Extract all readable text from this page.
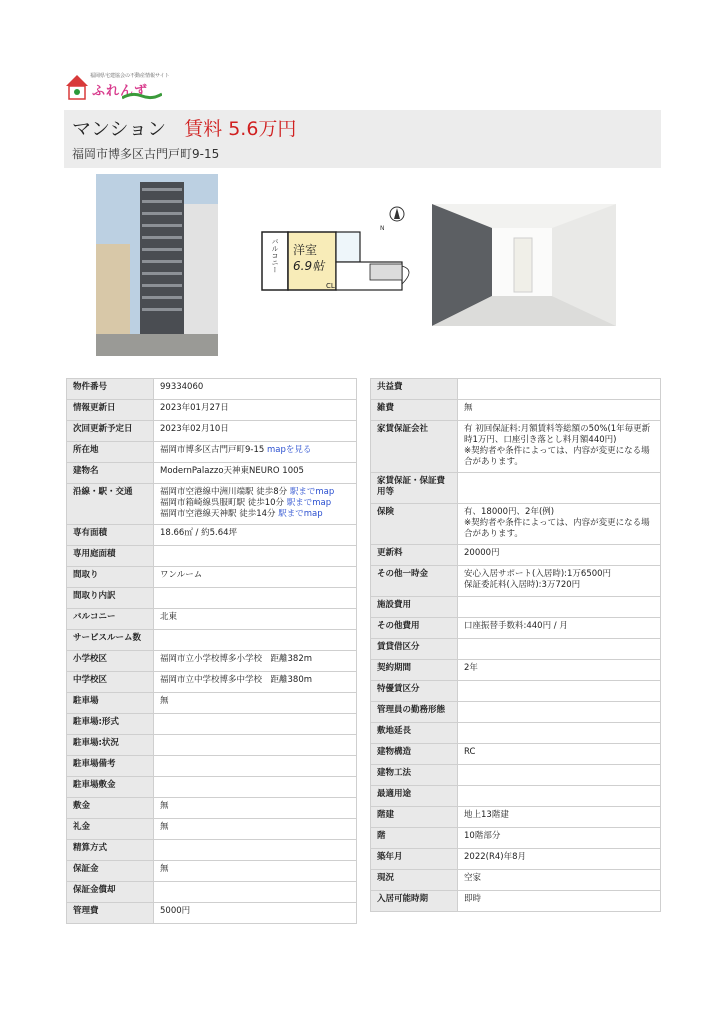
福岡県宅建協会の不動産情報サイト
ふれんず
マンション 賃料 5.6万円
福岡市博多区古門戸町9-15
N
洋室
6.9帖
CL
バルコニー
物件番号	99334060
情報更新日	2023年01月27日
次回更新予定日	2023年02月10日
所在地	福岡市博多区古門戸町9-15 mapを見る
建物名	ModernPalazzo天神東NEURO 1005
沿線・駅・交通	福岡市空港線中洲川端駅 徒歩8分 駅までmap
福岡市箱崎線呉服町駅 徒歩10分 駅までmap
福岡市空港線天神駅 徒歩14分 駅までmap

専有面積	18.66㎡ / 約5.64坪
専用庭面積	
間取り	ワンルーム
間取り内訳	
バルコニー	北東
サービスルーム数	
小学校区	福岡市立小学校博多小学校　距離382m
中学校区	福岡市立中学校博多中学校　距離380m
駐車場	無
駐車場:形式	
駐車場:状況	
駐車場備考	
駐車場敷金	
敷金	無
礼金	無
精算方式	
保証金	無
保証金償却	
管理費	5000円
共益費	
雑費	無
家賃保証会社	有 初回保証料:月額賃料等総額の50%(1年毎更新時1万円、口座引き落とし料月額440円)
※契約者や条件によっては、内容が変更になる場合があります。
家賃保証・保証費用等	
保険	有、18000円、2年(例)
※契約者や条件によっては、内容が変更になる場合があります。
更新料	20000円
その他一時金	安心入居サポート(入居時):1万6500円
保証委託料(入居時):3万720円
施設費用	
その他費用	口座振替手数料:440円 / 月
賃貸借区分	
契約期間	2年
特優賃区分	
管理員の勤務形態	
敷地延長	
建物構造	RC
建物工法	
最適用途	
階建	地上13階建
階	10階部分
築年月	2022(R4)年8月
現況	空家
入居可能時期	即時
